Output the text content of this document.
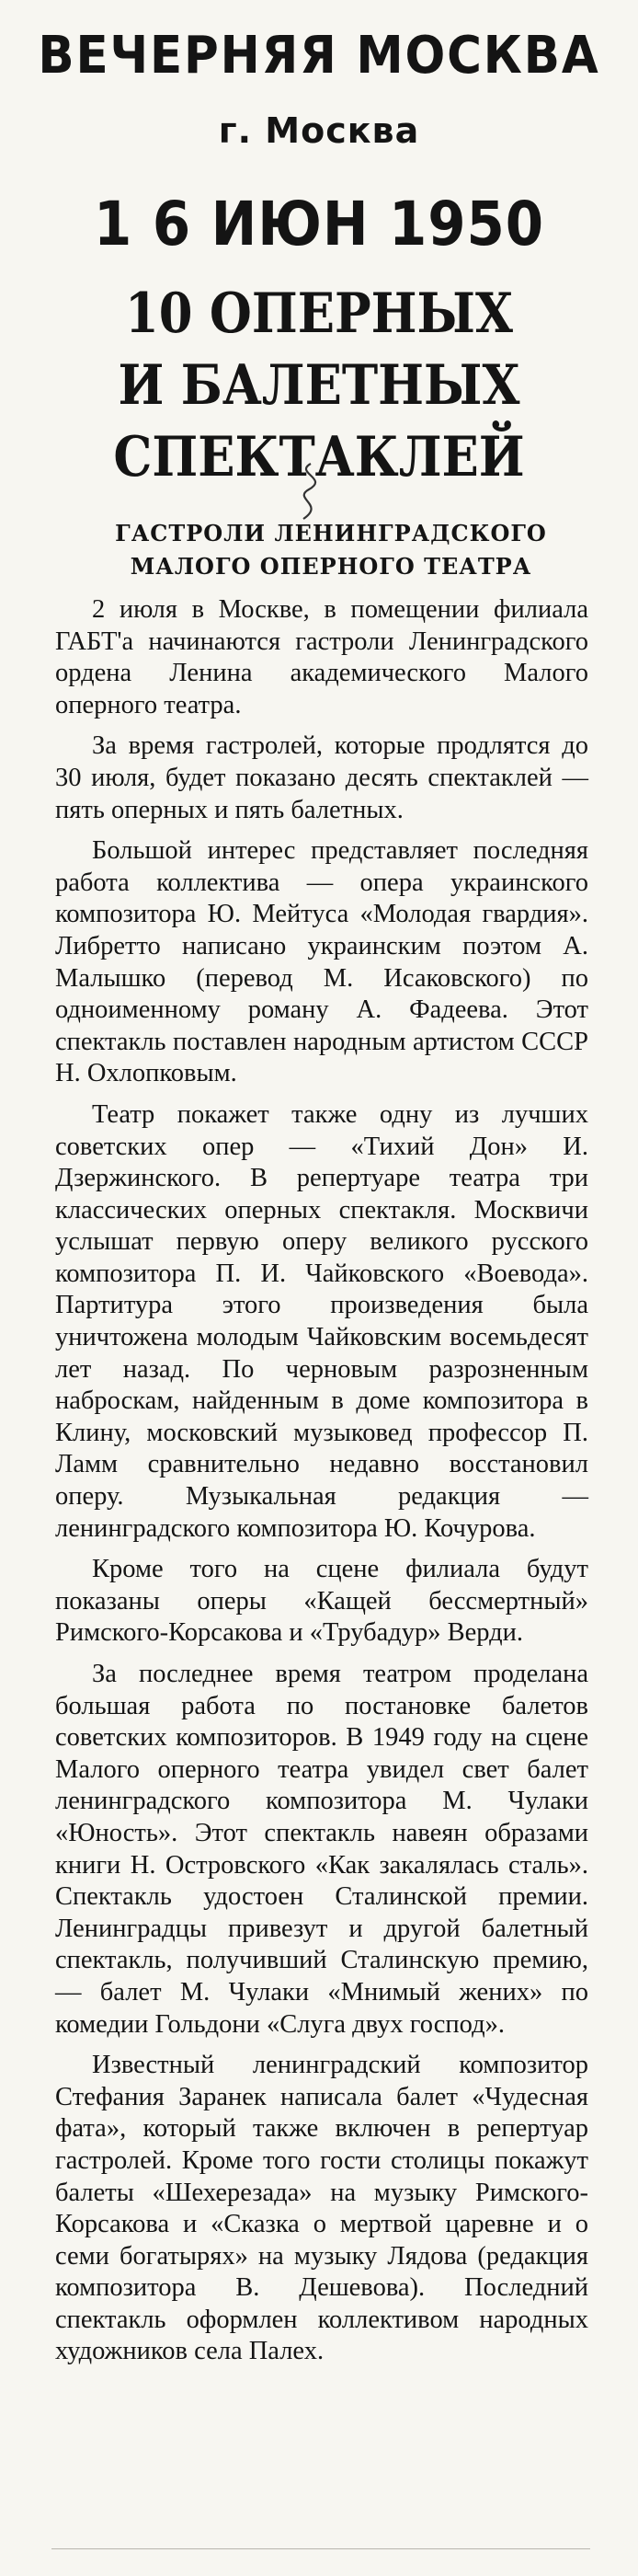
ВЕЧЕРНЯЯ МОСКВА
г. Москва
1 6 ИЮН 1950
10 ОПЕРНЫХ
И БАЛЕТНЫХ
СПЕКТАКЛЕЙ
ГАСТРОЛИ ЛЕНИНГРАДСКОГО
МАЛОГО ОПЕРНОГО ТЕАТРА

2 июля в Москве, в помещении филиала ГАБТ'а начинаются гастроли Ленинградского ордена Ленина академического Малого оперного театра.

За время гастролей, которые продлятся до 30 июля, будет показано десять спектаклей — пять оперных и пять балетных.

Большой интерес представляет последняя работа коллектива — опера украинского композитора Ю. Мейтуса «Молодая гвардия». Либретто написано украинским поэтом А. Малышко (перевод М. Исаковского) по одноименному роману А. Фадеева. Этот спектакль поставлен народным артистом СССР Н. Охлопковым.

Театр покажет также одну из лучших советских опер — «Тихий Дон» И. Дзержинского. В репертуаре театра три классических оперных спектакля. Москвичи услышат первую оперу великого русского композитора П. И. Чайковского «Воевода». Партитура этого произведения была уничтожена молодым Чайковским восемьдесят лет назад. По черновым разрозненным наброскам, найденным в доме композитора в Клину, московский музыковед профессор П. Ламм сравнительно недавно восстановил оперу. Музыкальная редакция — ленинградского композитора Ю. Кочурова.

Кроме того на сцене филиала будут показаны оперы «Кащей бессмертный» Римского-Корсакова и «Трубадур» Верди.

За последнее время театром проделана большая работа по постановке балетов советских композиторов. В 1949 году на сцене Малого оперного театра увидел свет балет ленинградского композитора М. Чулаки «Юность». Этот спектакль навеян образами книги Н. Островского «Как закалялась сталь». Спектакль удостоен Сталинской премии. Ленинградцы привезут и другой балетный спектакль, получивший Сталинскую премию, — балет М. Чулаки «Мнимый жених» по комедии Гольдони «Слуга двух господ».

Известный ленинградский композитор Стефания Заранек написала балет «Чудесная фата», который также включен в репертуар гастролей. Кроме того гости столицы покажут балеты «Шехерезада» на музыку Римского-Корсакова и «Сказка о мертвой царевне и о семи богатырях» на музыку Лядова (редакция композитора В. Дешевова). Последний спектакль оформлен коллективом народных художников села Палех.
